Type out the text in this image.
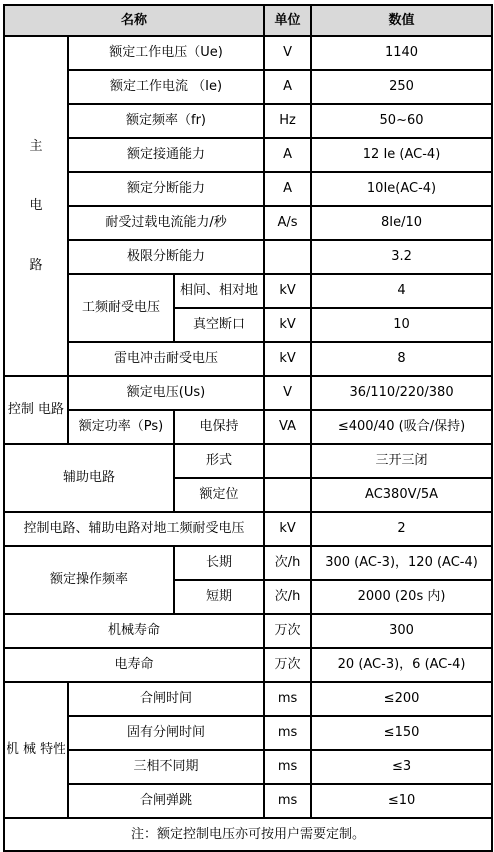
名称			单位	数值

主
电
路	额定工作电压（Ue)		V	1140
	额定工作电流 （Ie)		A	250
	额定频率（fr)		Hz	50~60
	额定接通能力		A	12 Ie (AC-4)
	额定分断能力		A	10Ie(AC-4)
	耐受过载电流能力/秒		A/s	8Ie/10
	极限分断能力			3.2
	工频耐受电压	相间、相对地	kV	4
		真空断口	kV	10
	雷电冲击耐受电压		kV	8
控制 电路	额定电压(Us)		V	36/110/220/380
	额定功率（Ps)	电保持	VA	≤400/40 (吸合/保持)
辅助电路		形式		三开三闭
		额定位		AC380V/5A
控制电路、辅助电路对地工频耐受电压			kV	2
额定操作频率		长期	次/h	300 (AC-3)，120 (AC-4)
		短期	次/h	2000 (20s 内)
机械寿命			万次	300
电寿命			万次	20 (AC-3)，6 (AC-4)
机 械 特性	合闸时间		ms	≤200
	固有分闸时间		ms	≤150
	三相不同期		ms	≤3
	合闸弹跳		ms	≤10
注：额定控制电压亦可按用户需要定制。				
